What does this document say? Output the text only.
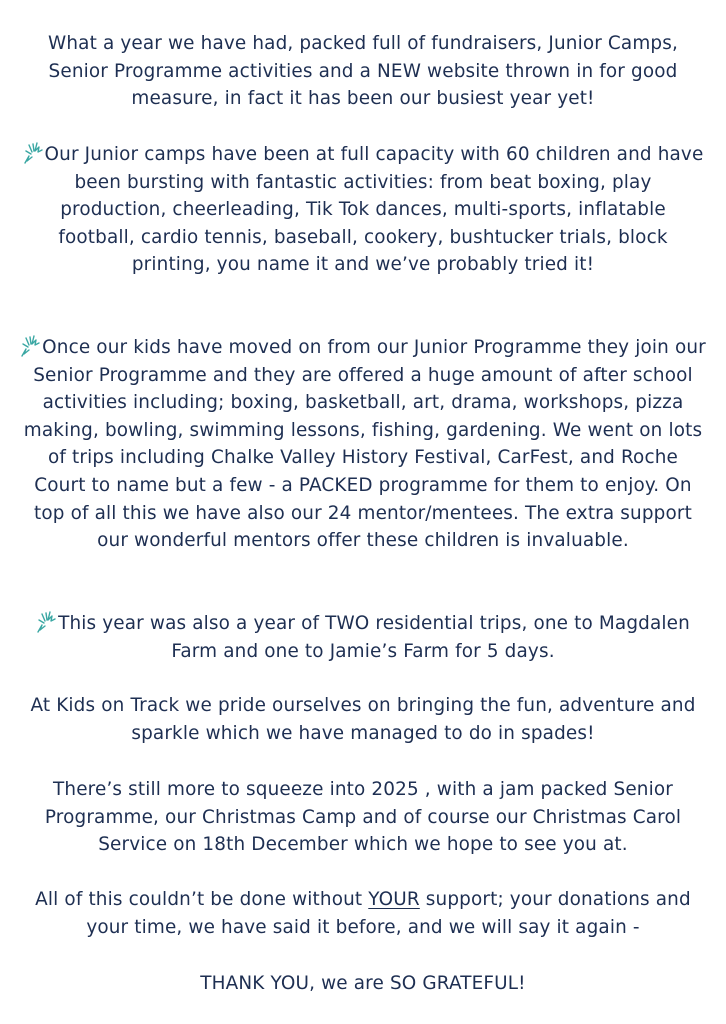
What a year we have had, packed full of fundraisers, Junior Camps, Senior Programme activities and a NEW website thrown in for good measure, in fact it has been our busiest year yet!

Our Junior camps have been at full capacity with 60 children and have been bursting with fantastic activities: from beat boxing, play production, cheerleading, Tik Tok dances, multi-sports, inflatable football, cardio tennis, baseball, cookery, bushtucker trials, block printing, you name it and we’ve probably tried it!

Once our kids have moved on from our Junior Programme they join our Senior Programme and they are offered a huge amount of after school activities including; boxing, basketball, art, drama, workshops, pizza making, bowling, swimming lessons, fishing, gardening. We went on lots of trips including Chalke Valley History Festival, CarFest, and Roche Court to name but a few - a PACKED programme for them to enjoy. On top of all this we have also our 24 mentor/mentees. The extra support our wonderful mentors offer these children is invaluable.

This year was also a year of TWO residential trips, one to Magdalen Farm and one to Jamie’s Farm for 5 days.

At Kids on Track we pride ourselves on bringing the fun, adventure and sparkle which we have managed to do in spades!

There’s still more to squeeze into 2025 , with a jam packed Senior Programme, our Christmas Camp and of course our Christmas Carol Service on 18th December which we hope to see you at.

All of this couldn’t be done without YOUR support; your donations and your time, we have said it before, and we will say it again -

THANK YOU, we are SO GRATEFUL!
